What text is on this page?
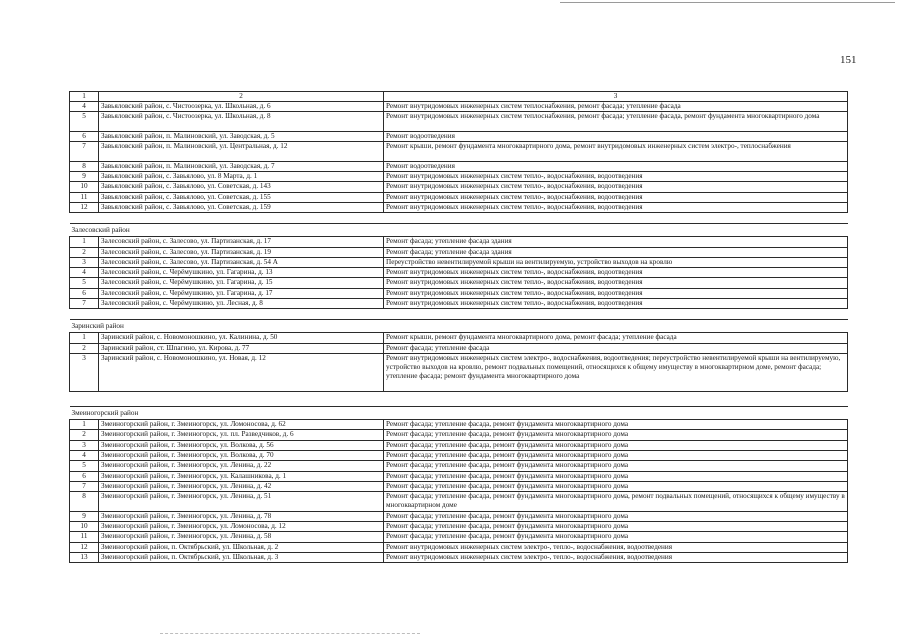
151
1	2	3
4	Завьяловский район, с. Чистоозерка, ул. Школьная, д. 6	Ремонт внутридомовых инженерных систем теплоснабжения, ремонт фасада; утепление фасада
5	Завьяловский район, с. Чистоозерка, ул. Школьная, д. 8	Ремонт внутридомовых инженерных систем теплоснабжения, ремонт фасада; утепление фасада, ремонт фундамента многоквартирного дома
6	Завьяловский район, п. Малиновский, ул. Заводская, д. 5	Ремонт водоотведения
7	Завьяловский район, п. Малиновский, ул. Центральная, д. 12	Ремонт крыши, ремонт фундамента многоквартирного дома, ремонт внутридомовых инженерных систем электро-, теплоснабжения
8	Завьяловский район, п. Малиновский, ул. Заводская, д. 7	Ремонт водоотведения
9	Завьяловский район, с. Завьялово, ул. 8 Марта, д. 1	Ремонт внутридомовых инженерных систем тепло-, водоснабжения, водоотведения
10	Завьяловский район, с. Завьялово, ул. Советская, д. 143	Ремонт внутридомовых инженерных систем тепло-, водоснабжения, водоотведения
11	Завьяловский район, с. Завьялово, ул. Советская, д. 155	Ремонт внутридомовых инженерных систем тепло-, водоснабжения, водоотведения
12	Завьяловский район, с. Завьялово, ул. Советская, д. 159	Ремонт внутридомовых инженерных систем тепло-, водоснабжения, водоотведения

Залесовский район		
1	Залесовский район, с. Залесово, ул. Партизанская, д. 17	Ремонт фасада; утепление фасада здания
2	Залесовский район, с. Залесово, ул. Партизанская, д. 19	Ремонт фасада; утепление фасада здания
3	Залесовский район, с. Залесово, ул. Партизанская, д. 54 А	Переустройство невентилируемой крыши на вентилируемую, устройство выходов на кровлю
4	Залесовский район, с. Черёмушкино, ул. Гагарина, д. 13	Ремонт внутридомовых инженерных систем тепло-, водоснабжения, водоотведения
5	Залесовский район, с. Черёмушкино, ул. Гагарина, д. 15	Ремонт внутридомовых инженерных систем тепло-, водоснабжения, водоотведения
6	Залесовский район, с. Черёмушкино, ул. Гагарина, д. 17	Ремонт внутридомовых инженерных систем тепло-, водоснабжения, водоотведения
7	Залесовский район, с. Черёмушкино, ул. Лесная, д. 8	Ремонт внутридомовых инженерных систем тепло-, водоснабжения, водоотведения

Заринский район		
1	Заринский район, с. Новомоношкино, ул. Калинина, д. 50	Ремонт крыши, ремонт фундамента многоквартирного дома, ремонт фасада; утепление фасада
2	Заринский район, ст. Шпагино, ул. Кирова, д. 77	Ремонт фасада; утепление фасада
3	Заринский район, с. Новомоношкино, ул. Новая, д. 12	Ремонт внутридомовых инженерных систем электро-, водоснабжения, водоотведения; переустройство невентилируемой крыши на вентилируемую, устройство выходов на кровлю, ремонт подвальных помещений, относящихся к общему имуществу в многоквартирном доме, ремонт фасада; утепление фасада; ремонт фундамента многоквартирного дома

Змеиногорский район		
1	Змеиногорский район, г. Змеиногорск, ул. Ломоносова, д. 62	Ремонт фасада; утепление фасада, ремонт фундамента многоквартирного дома
2	Змеиногорский район, г. Змеиногорск, ул. пл. Разведчиков, д. 6	Ремонт фасада; утепление фасада, ремонт фундамента многоквартирного дома
3	Змеиногорский район, г. Змеиногорск, ул. Волкова, д. 56	Ремонт фасада; утепление фасада, ремонт фундамента многоквартирного дома
4	Змеиногорский район, г. Змеиногорск, ул. Волкова, д. 70	Ремонт фасада; утепление фасада, ремонт фундамента многоквартирного дома
5	Змеиногорский район, г. Змеиногорск, ул. Ленина, д. 22	Ремонт фасада; утепление фасада, ремонт фундамента многоквартирного дома
6	Змеиногорский район, г. Змеиногорск, ул. Калашникова, д. 1	Ремонт фасада; утепление фасада, ремонт фундамента многоквартирного дома
7	Змеиногорский район, г. Змеиногорск, ул. Ленина, д. 42	Ремонт фасада; утепление фасада, ремонт фундамента многоквартирного дома
8	Змеиногорский район, г. Змеиногорск, ул. Ленина, д. 51	Ремонт фасада; утепление фасада, ремонт фундамента многоквартирного дома, ремонт подвальных помещений, относящихся к общему имуществу в многоквартирном доме
9	Змеиногорский район, г. Змеиногорск, ул. Ленина, д. 78	Ремонт фасада; утепление фасада, ремонт фундамента многоквартирного дома
10	Змеиногорский район, г. Змеиногорск, ул. Ломоносова, д. 12	Ремонт фасада; утепление фасада, ремонт фундамента многоквартирного дома
11	Змеиногорский район, г. Змеиногорск, ул. Ленина, д. 58	Ремонт фасада; утепление фасада, ремонт фундамента многоквартирного дома
12	Змеиногорский район, п. Октябрьский, ул. Школьная, д. 2	Ремонт внутридомовых инженерных систем электро-, тепло-, водоснабжения, водоотведения
13	Змеиногорский район, п. Октябрьский, ул. Школьная, д. 3	Ремонт внутридомовых инженерных систем электро-, тепло-, водоснабжения, водоотведения
